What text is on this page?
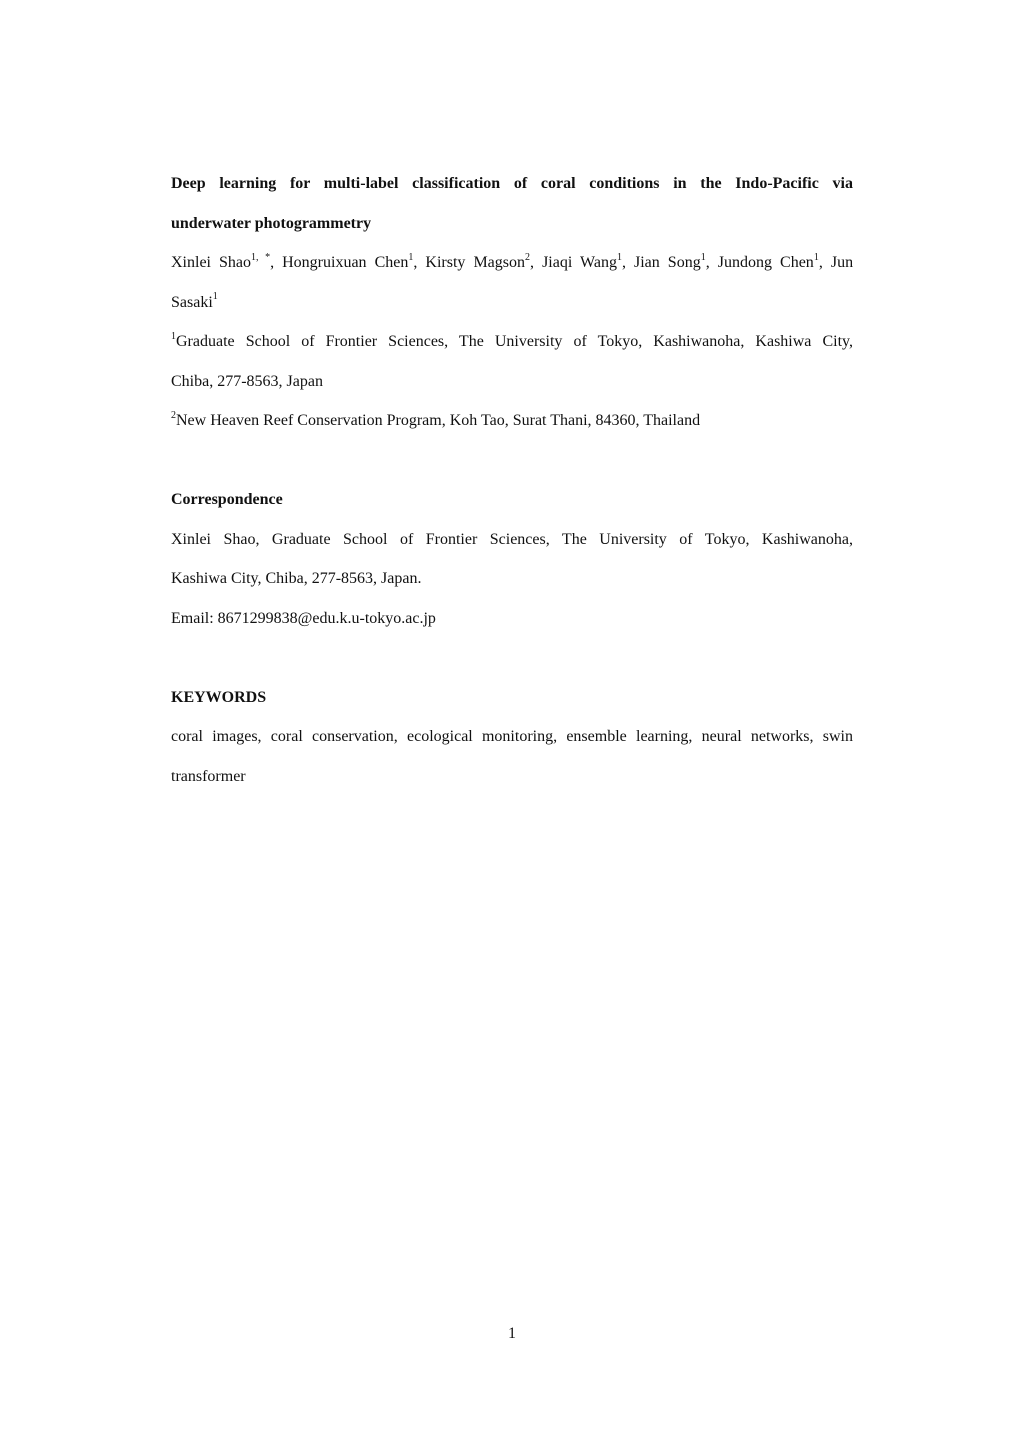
Deep learning for multi-label classification of coral conditions in the Indo-Pacific via

underwater photogrammetry

Xinlei Shao$^{1, *}$, Hongruixuan Chen$^1$, Kirsty Magson$^2$, Jiaqi Wang$^1$, Jian Song$^1$, Jundong Chen$^1$, Jun

Sasaki$^1$

$^1$Graduate School of Frontier Sciences, The University of Tokyo, Kashiwanoha, Kashiwa City,

Chiba, 277-8563, Japan

$^2$New Heaven Reef Conservation Program, Koh Tao, Surat Thani, 84360, Thailand

Correspondence

Xinlei Shao, Graduate School of Frontier Sciences, The University of Tokyo, Kashiwanoha,

Kashiwa City, Chiba, 277-8563, Japan.

Email: 8671299838@edu.k.u-tokyo.ac.jp

KEYWORDS

coral images, coral conservation, ecological monitoring, ensemble learning, neural networks, swin

transformer

1
